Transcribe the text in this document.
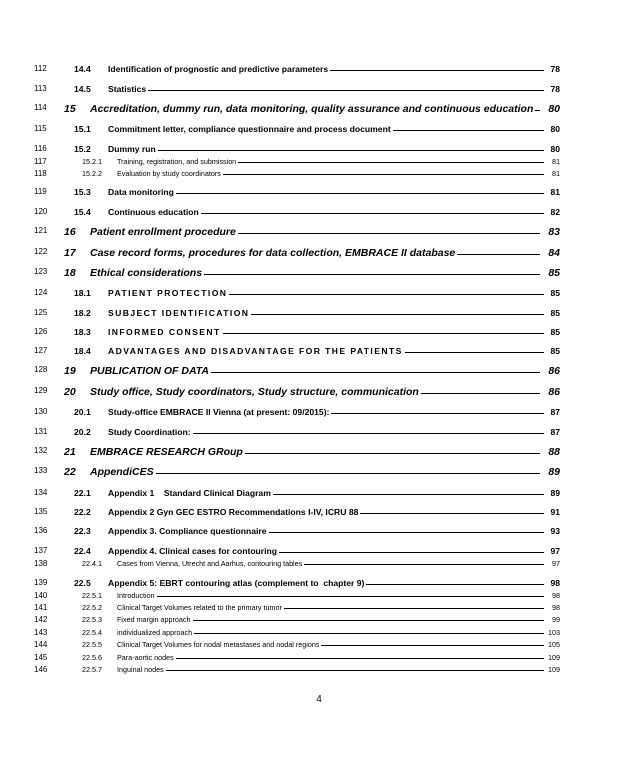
112	14.4	Identification of prognostic and predictive parameters	78
113	14.5	Statistics	78
114	15	Accreditation, dummy run, data monitoring, quality assurance and continuous education	80
115	15.1	Commitment letter, compliance questionnaire and process document	80
116	15.2	Dummy run	80
117	15.2.1	Training, registration, and submission	81
118	15.2.2	Evaluation by study coordinators	81
119	15.3	Data monitoring	81
120	15.4	Continuous education	82
121	16	Patient enrollment procedure	83
122	17	Case record forms, procedures for data collection, EMBRACE II database	84
123	18	Ethical considerations	85
124	18.1	PATIENT PROTECTION	85
125	18.2	SUBJECT IDENTIFICATION	85
126	18.3	INFORMED CONSENT	85
127	18.4	ADVANTAGES AND DISADVANTAGE FOR THE PATIENTS	85
128	19	PUBLICATION OF DATA	86
129	20	Study office, Study coordinators, Study structure, communication	86
130	20.1	Study-office EMBRACE II Vienna (at present: 09/2015):	87
131	20.2	Study Coordination:	87
132	21	EMBRACE RESEARCH GRoup	88
133	22	AppendiCES	89
134	22.1	Appendix 1    Standard Clinical Diagram	89
135	22.2	Appendix 2 Gyn GEC ESTRO Recommendations I-IV, ICRU 88	91
136	22.3	Appendix 3. Compliance questionnaire	93
137	22.4	Appendix 4. Clinical cases for contouring	97
138	22.4.1	Cases from Vienna, Utrecht and Aarhus, contouring tables	97
139	22.5	Appendix 5: EBRT contouring atlas (complement to  chapter 9)	98
140	22.5.1	Introduction	98
141	22.5.2	Clinical Target Volumes related to the primary tumor	98
142	22.5.3	Fixed margin approach	99
143	22.5.4	individualized approach	103
144	22.5.5	Clinical Target Volumes for nodal metastases and nodal regions	105
145	22.5.6	Para-aortic nodes	109
146	22.5.7	Inguinal nodes	109
4
